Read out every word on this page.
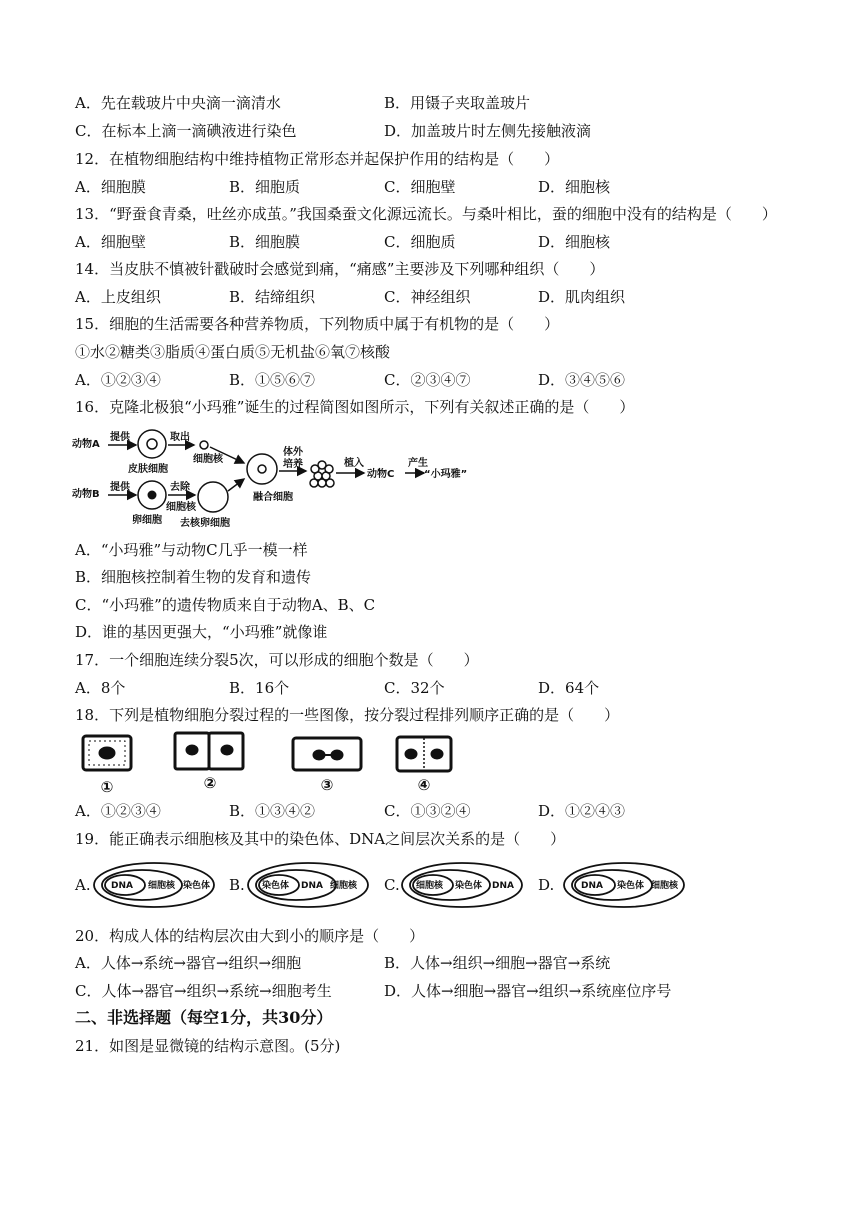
A．先在载玻片中央滴一滴清水	B．用镊子夹取盖玻片
C．在标本上滴一滴碘液进行染色	D．加盖玻片时左侧先接触液滴
12．在植物细胞结构中维持植物正常形态并起保护作用的结构是（　　）
A．细胞膜	B．细胞质	C．细胞壁	D．细胞核
13．“野蚕食青桑，吐丝亦成茧。”我国桑蚕文化源远流长。与桑叶相比，蚕的细胞中没有的结构是（　　）
A．细胞壁	B．细胞膜	C．细胞质	D．细胞核
14．当皮肤不慎被针戳破时会感觉到痛，“痛感”主要涉及下列哪种组织（　　）
A．上皮组织	B．结缔组织	C．神经组织	D．肌肉组织
15．细胞的生活需要各种营养物质，下列物质中属于有机物的是（　　）
①水②糖类③脂质④蛋白质⑤无机盐⑥氧⑦核酸
A．①②③④	B．①⑤⑥⑦	C．②③④⑦	D．③④⑤⑥
16．克隆北极狼“小玛雅”诞生的过程简图如图所示，下列有关叙述正确的是（　　）
动物A
提供
皮肤细胞
取出
细胞核
动物B
提供
卵细胞
去除
细胞核
去核卵细胞
融合细胞
体外
培养	植入
动物C
产生
“小玛雅”
A．“小玛雅”与动物C几乎一模一样
B．细胞核控制着生物的发育和遗传
C．“小玛雅”的遗传物质来自于动物A、B、C
D．谁的基因更强大，“小玛雅”就像谁
17．一个细胞连续分裂5次，可以形成的细胞个数是（　　）
A．8个	B．16个	C．32个	D．64个
18．下列是植物细胞分裂过程的一些图像，按分裂过程排列顺序正确的是（　　）
①	②	③	④
A．①②③④	B．①③④②	C．①③②④	D．①②④③
19．能正确表示细胞核及其中的染色体、DNA之间层次关系的是（　　）
A. DNA 细胞核 染色体 B. 染色体 DNA 细胞核 C. 细胞核 染色体 DNA D.	DNA 染色体 细胞核
20．构成人体的结构层次由大到小的顺序是（　　）
A．人体→系统→器官→组织→细胞	B．人体→组织→细胞→器官→系统
C．人体→器官→组织→系统→细胞考生	D．人体→细胞→器官→组织→系统座位序号
二、非选择题（每空1分，共30分）
21．如图是显微镜的结构示意图。(5分)
